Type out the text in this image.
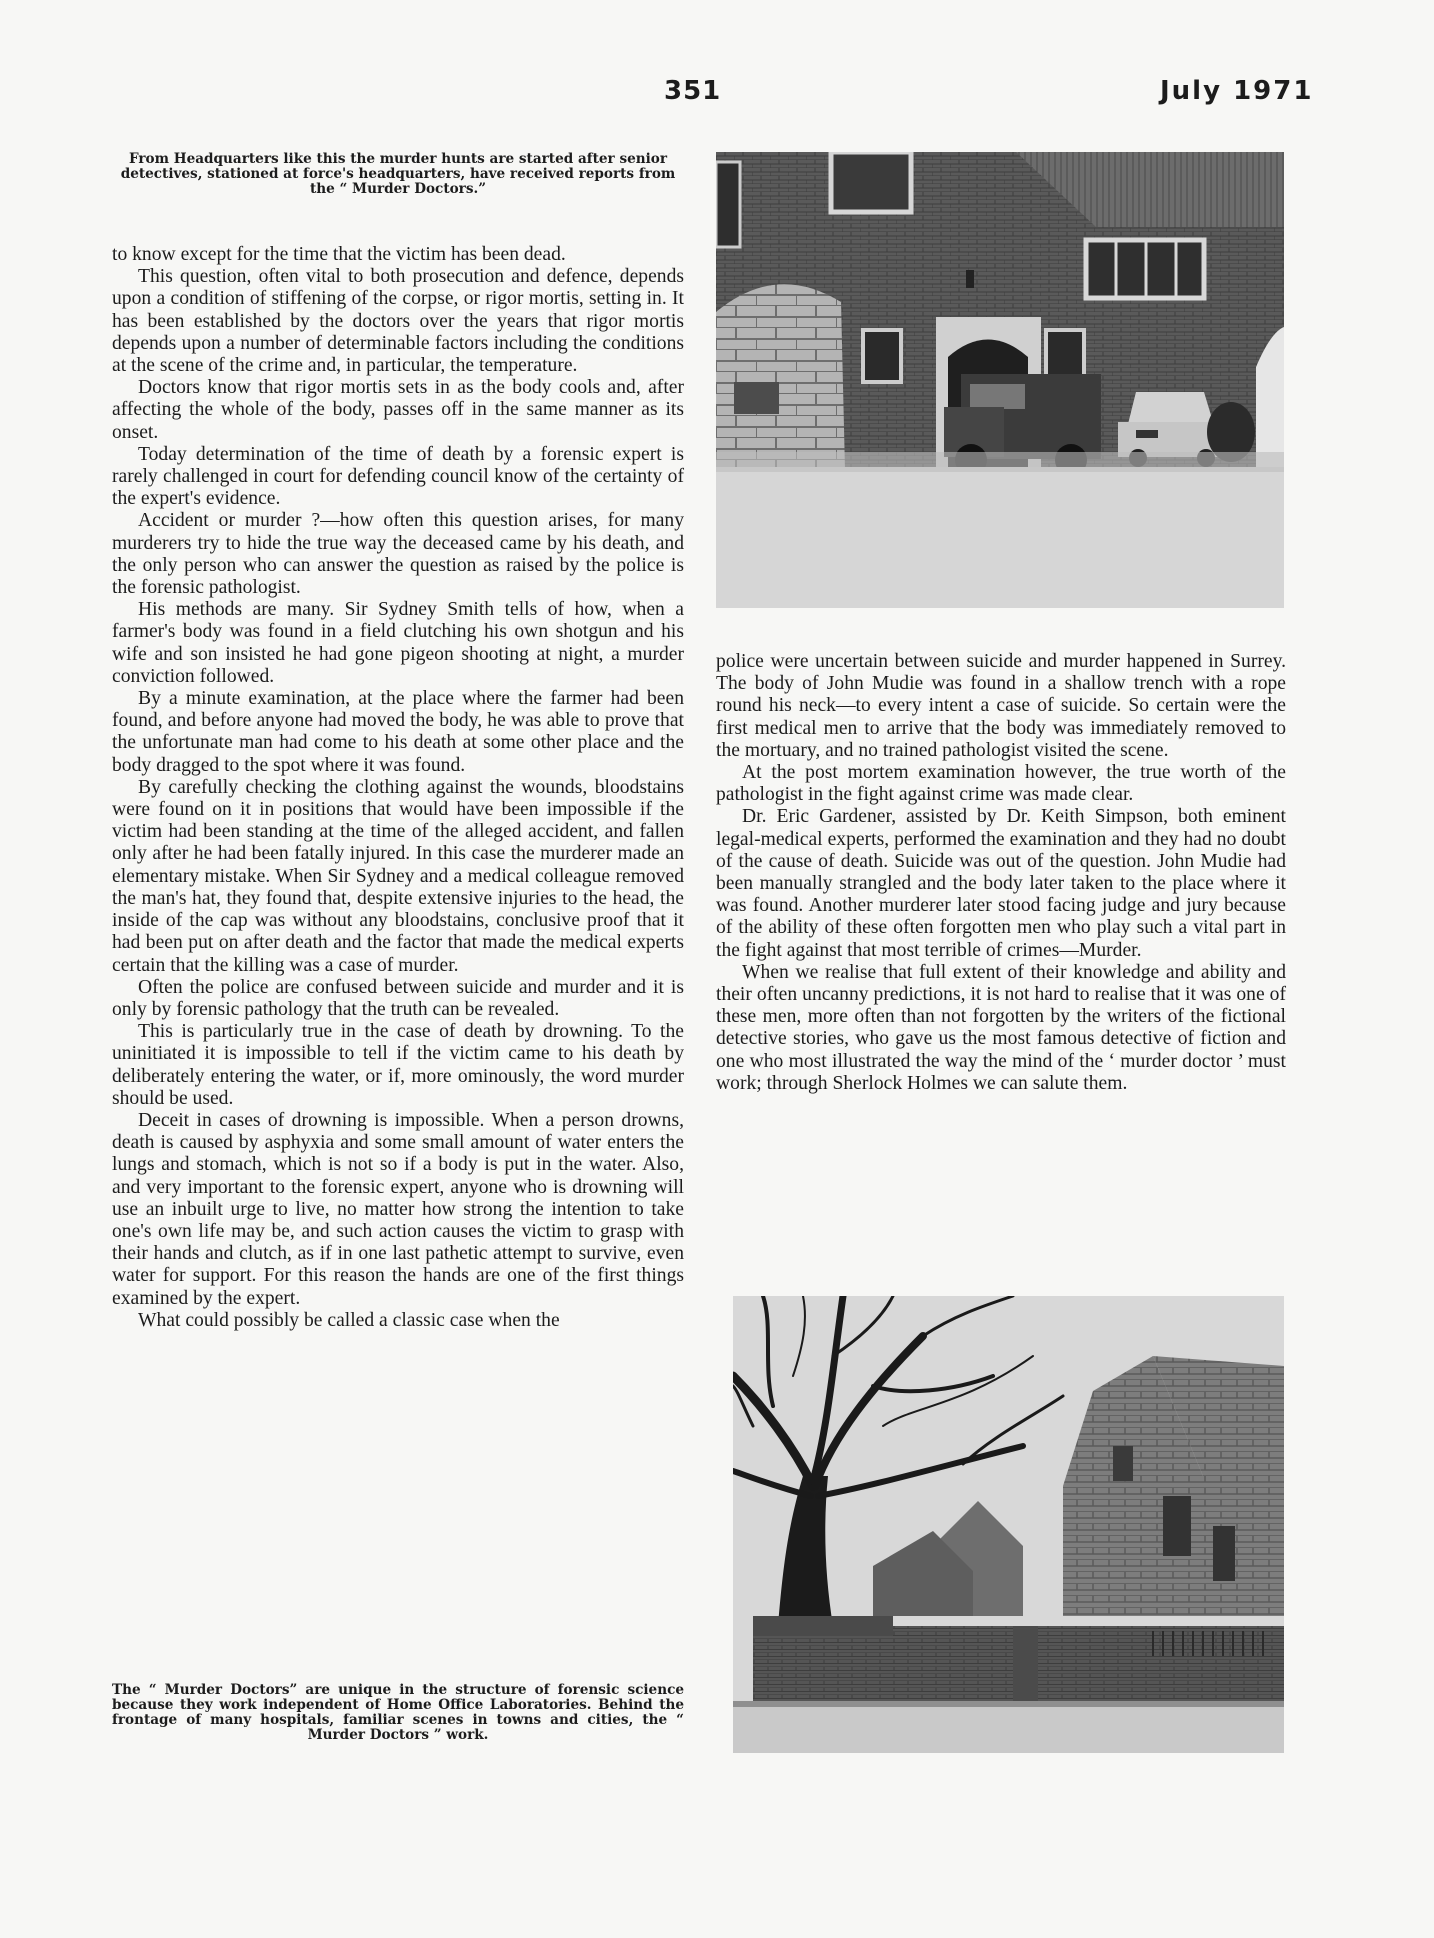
351	July 1971
From Headquarters like this the murder hunts are started after senior detectives, stationed at force's headquarters, have received reports from the “ Murder Doctors.”

to know except for the time that the victim has been dead.

This question, often vital to both prosecution and defence, depends upon a condition of stiffening of the corpse, or rigor mortis, setting in. It has been established by the doctors over the years that rigor mortis depends upon a number of determinable factors including the conditions at the scene of the crime and, in particular, the temperature.

Doctors know that rigor mortis sets in as the body cools and, after affecting the whole of the body, passes off in the same manner as its onset.

Today determination of the time of death by a forensic expert is rarely challenged in court for defending council know of the certainty of the expert's evidence.

Accident or murder ?—how often this question arises, for many murderers try to hide the true way the deceased came by his death, and the only person who can answer the question as raised by the police is the forensic pathologist.

His methods are many. Sir Sydney Smith tells of how, when a farmer's body was found in a field clutching his own shotgun and his wife and son insisted he had gone pigeon shooting at night, a murder conviction followed.

By a minute examination, at the place where the farmer had been found, and before anyone had moved the body, he was able to prove that the unfortunate man had come to his death at some other place and the body dragged to the spot where it was found.

By carefully checking the clothing against the wounds, bloodstains were found on it in positions that would have been impossible if the victim had been standing at the time of the alleged accident, and fallen only after he had been fatally injured. In this case the murderer made an elementary mistake. When Sir Sydney and a medical colleague removed the man's hat, they found that, despite extensive injuries to the head, the inside of the cap was without any bloodstains, conclusive proof that it had been put on after death and the factor that made the medical experts certain that the killing was a case of murder.

Often the police are confused between suicide and murder and it is only by forensic pathology that the truth can be revealed.

This is particularly true in the case of death by drowning. To the uninitiated it is impossible to tell if the victim came to his death by deliberately entering the water, or if, more ominously, the word murder should be used.

Deceit in cases of drowning is impossible. When a person drowns, death is caused by asphyxia and some small amount of water enters the lungs and stomach, which is not so if a body is put in the water. Also, and very important to the forensic expert, anyone who is drowning will use an inbuilt urge to live, no matter how strong the intention to take one's own life may be, and such action causes the victim to grasp with their hands and clutch, as if in one last pathetic attempt to survive, even water for support. For this reason the hands are one of the first things examined by the expert.

What could possibly be called a classic case when the

The “ Murder Doctors” are unique in the structure of forensic science because they work independent of Home Office Laboratories. Behind the frontage of many hospitals, familiar scenes in towns and cities, the “ Murder Doctors ” work.

police were uncertain between suicide and murder happened in Surrey. The body of John Mudie was found in a shallow trench with a rope round his neck—to every intent a case of suicide. So certain were the first medical men to arrive that the body was immediately removed to the mortuary, and no trained pathologist visited the scene.

At the post mortem examination however, the true worth of the pathologist in the fight against crime was made clear.

Dr. Eric Gardener, assisted by Dr. Keith Simpson, both eminent legal-medical experts, performed the examination and they had no doubt of the cause of death. Suicide was out of the question. John Mudie had been manually strangled and the body later taken to the place where it was found. Another murderer later stood facing judge and jury because of the ability of these often forgotten men who play such a vital part in the fight against that most terrible of crimes—Murder.

When we realise that full extent of their knowledge and ability and their often uncanny predictions, it is not hard to realise that it was one of these men, more often than not forgotten by the writers of the fictional detective stories, who gave us the most famous detective of fiction and one who most illustrated the way the mind of the ‘ murder doctor ’ must work; through Sherlock Holmes we can salute them.
